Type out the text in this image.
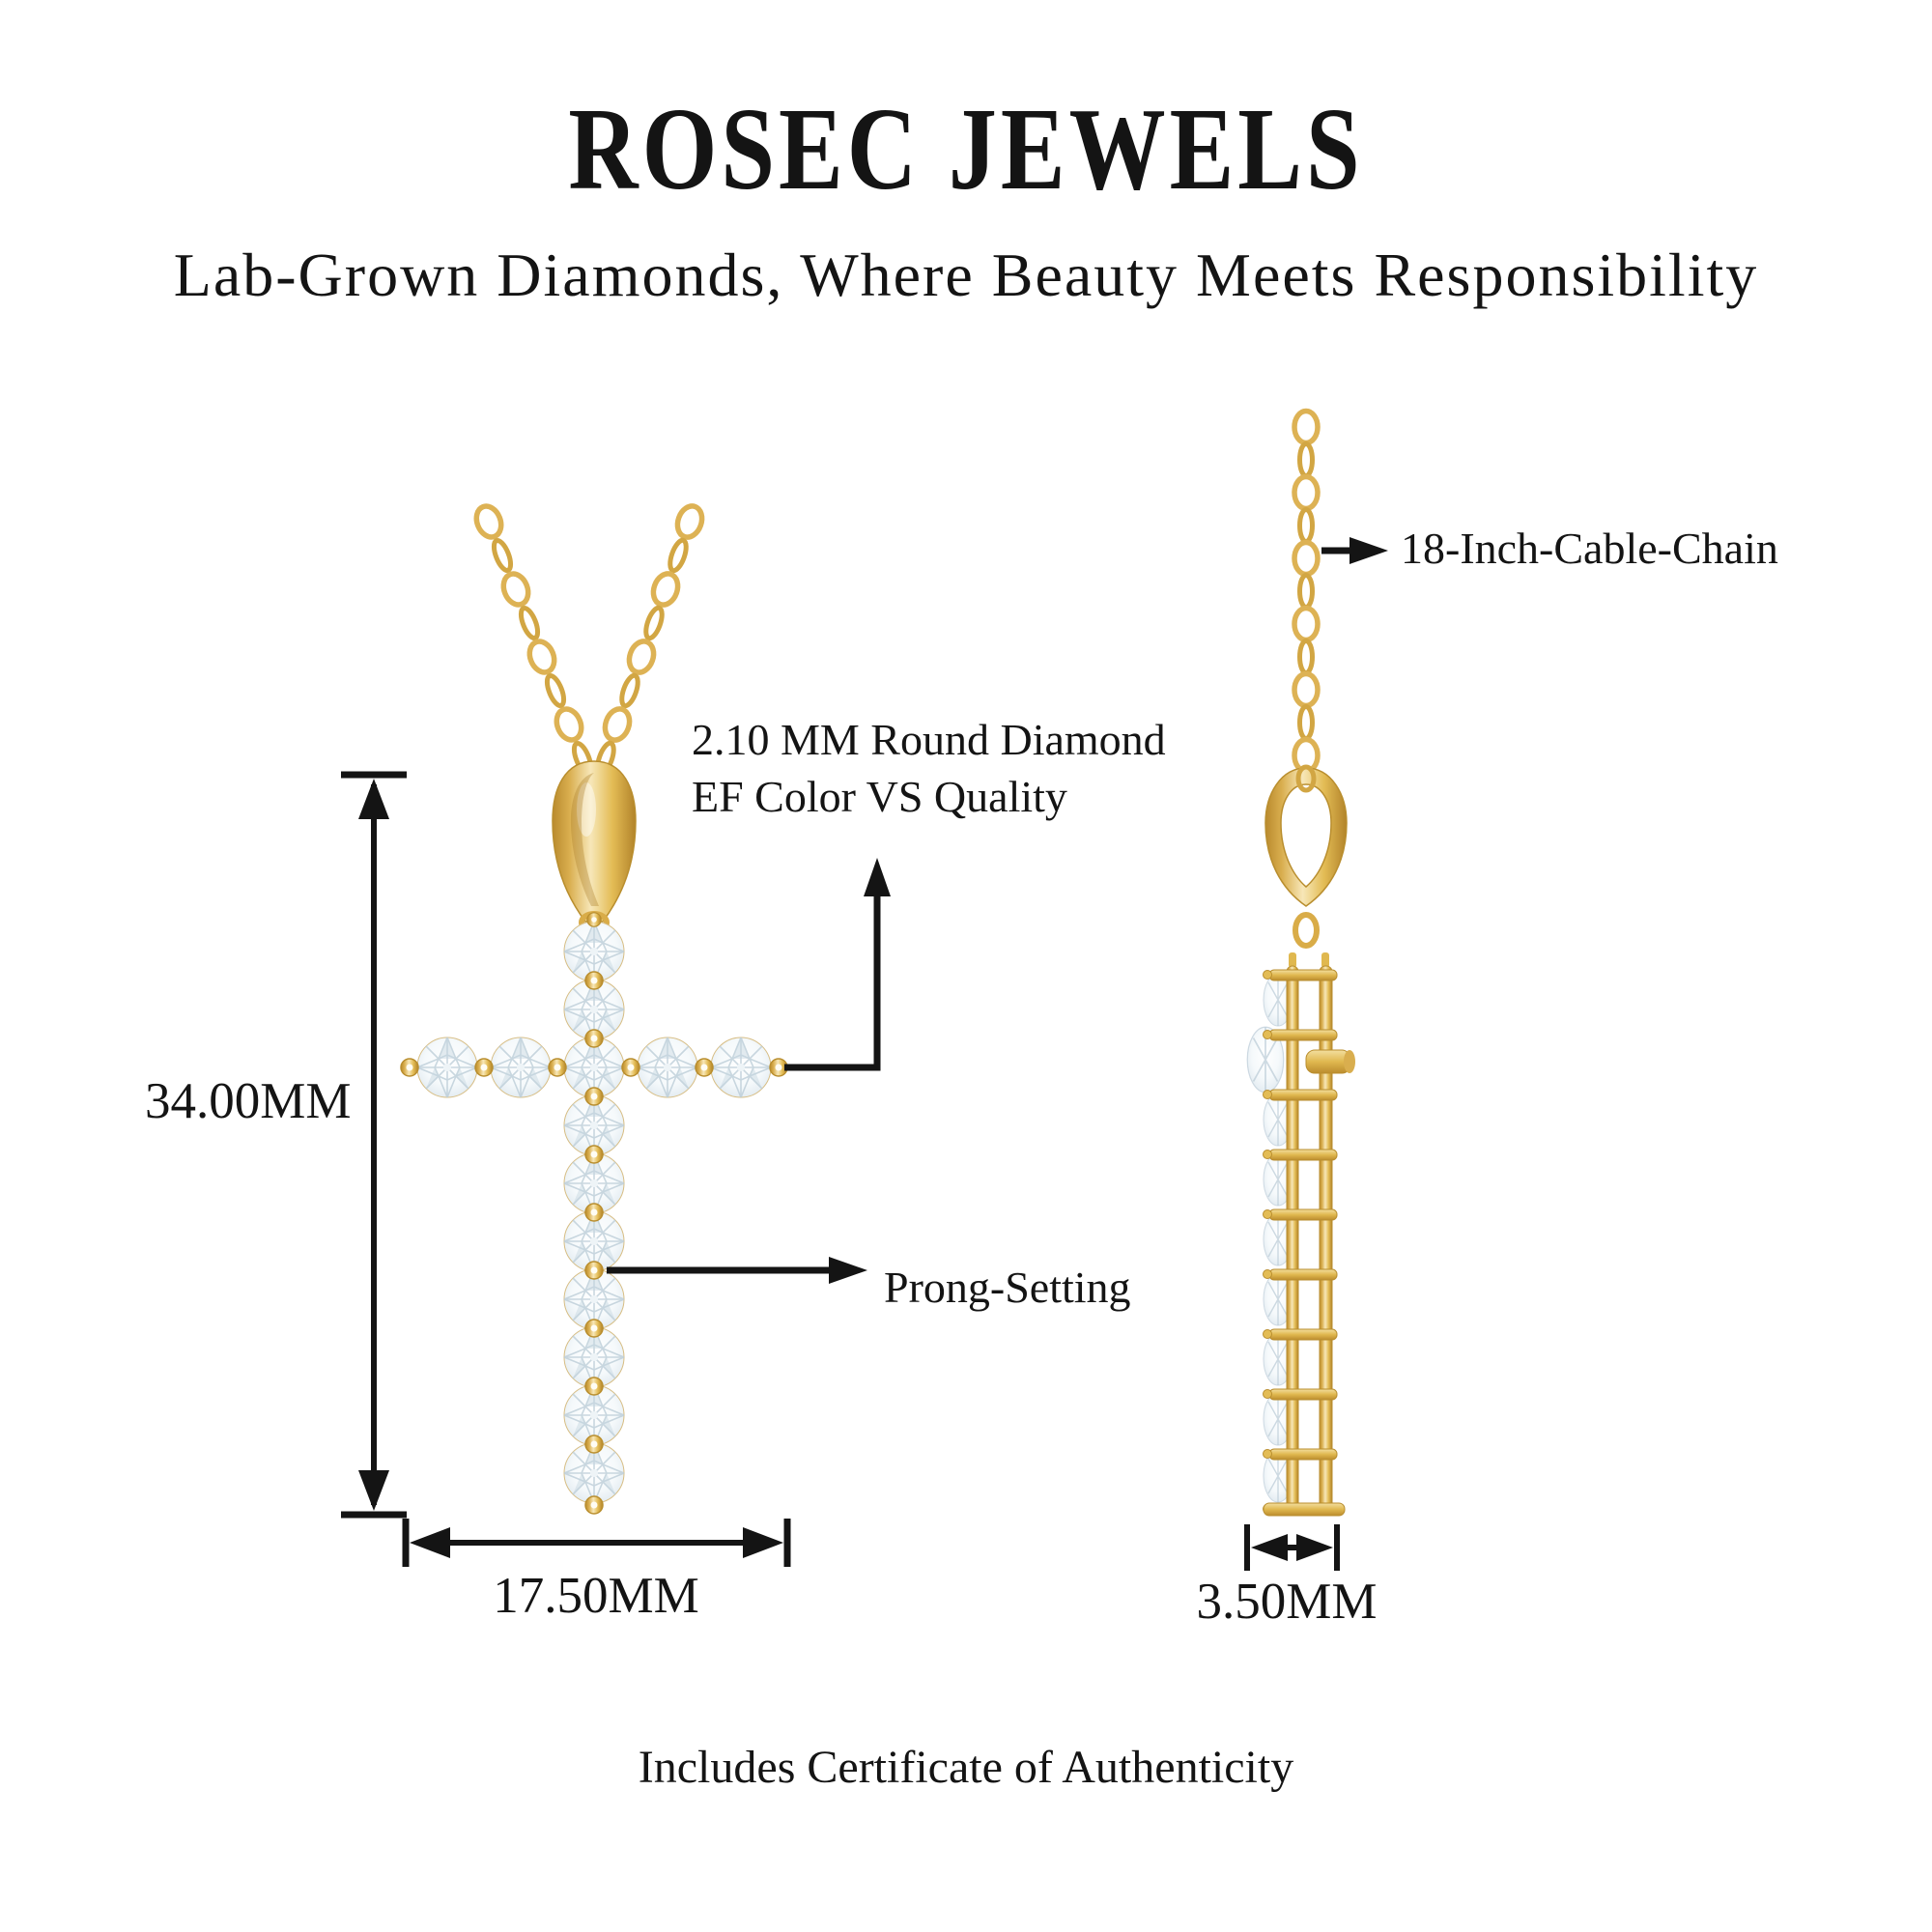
ROSEC JEWELS
Lab-Grown Diamonds, Where Beauty Meets Responsibility
2.10 MM Round Diamond
EF Color VS Quality
Prong-Setting
18-Inch-Cable-Chain
34.00MM
17.50MM	3.50MM
Includes Certificate of Authenticity
